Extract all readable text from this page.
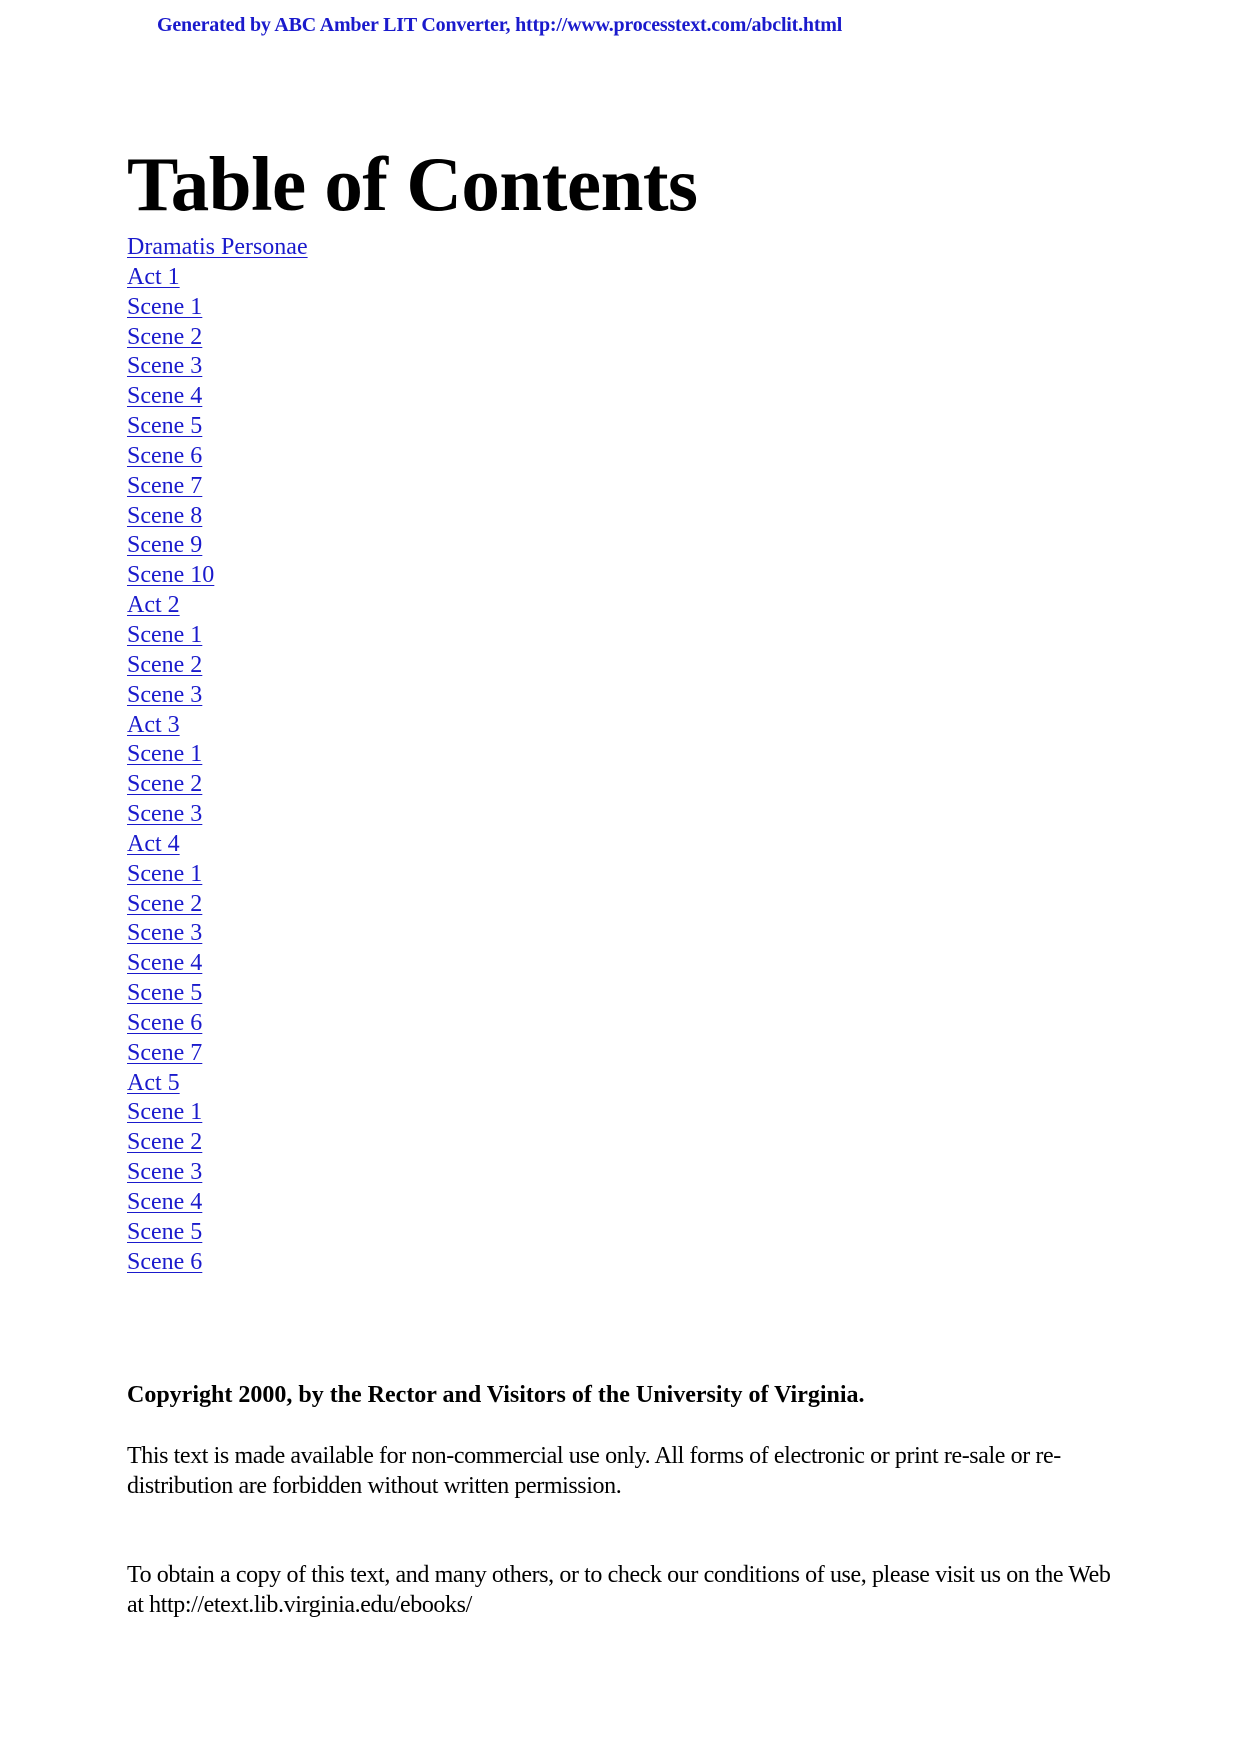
Generated by ABC Amber LIT Converter, http://www.processtext.com/abclit.html
Table of Contents
Dramatis Personae
Act 1
Scene 1
Scene 2
Scene 3
Scene 4
Scene 5
Scene 6
Scene 7
Scene 8
Scene 9
Scene 10
Act 2
Scene 1
Scene 2
Scene 3
Act 3
Scene 1
Scene 2
Scene 3
Act 4
Scene 1
Scene 2
Scene 3
Scene 4
Scene 5
Scene 6
Scene 7
Act 5
Scene 1
Scene 2
Scene 3
Scene 4
Scene 5
Scene 6

Copyright 2000, by the Rector and Visitors of the University of Virginia.

This text is made available for non-commercial use only. All forms of electronic or print re-sale or re-distribution are forbidden without written permission.

To obtain a copy of this text, and many others, or to check our conditions of use, please visit us on the Web at http://etext.lib.virginia.edu/ebooks/
